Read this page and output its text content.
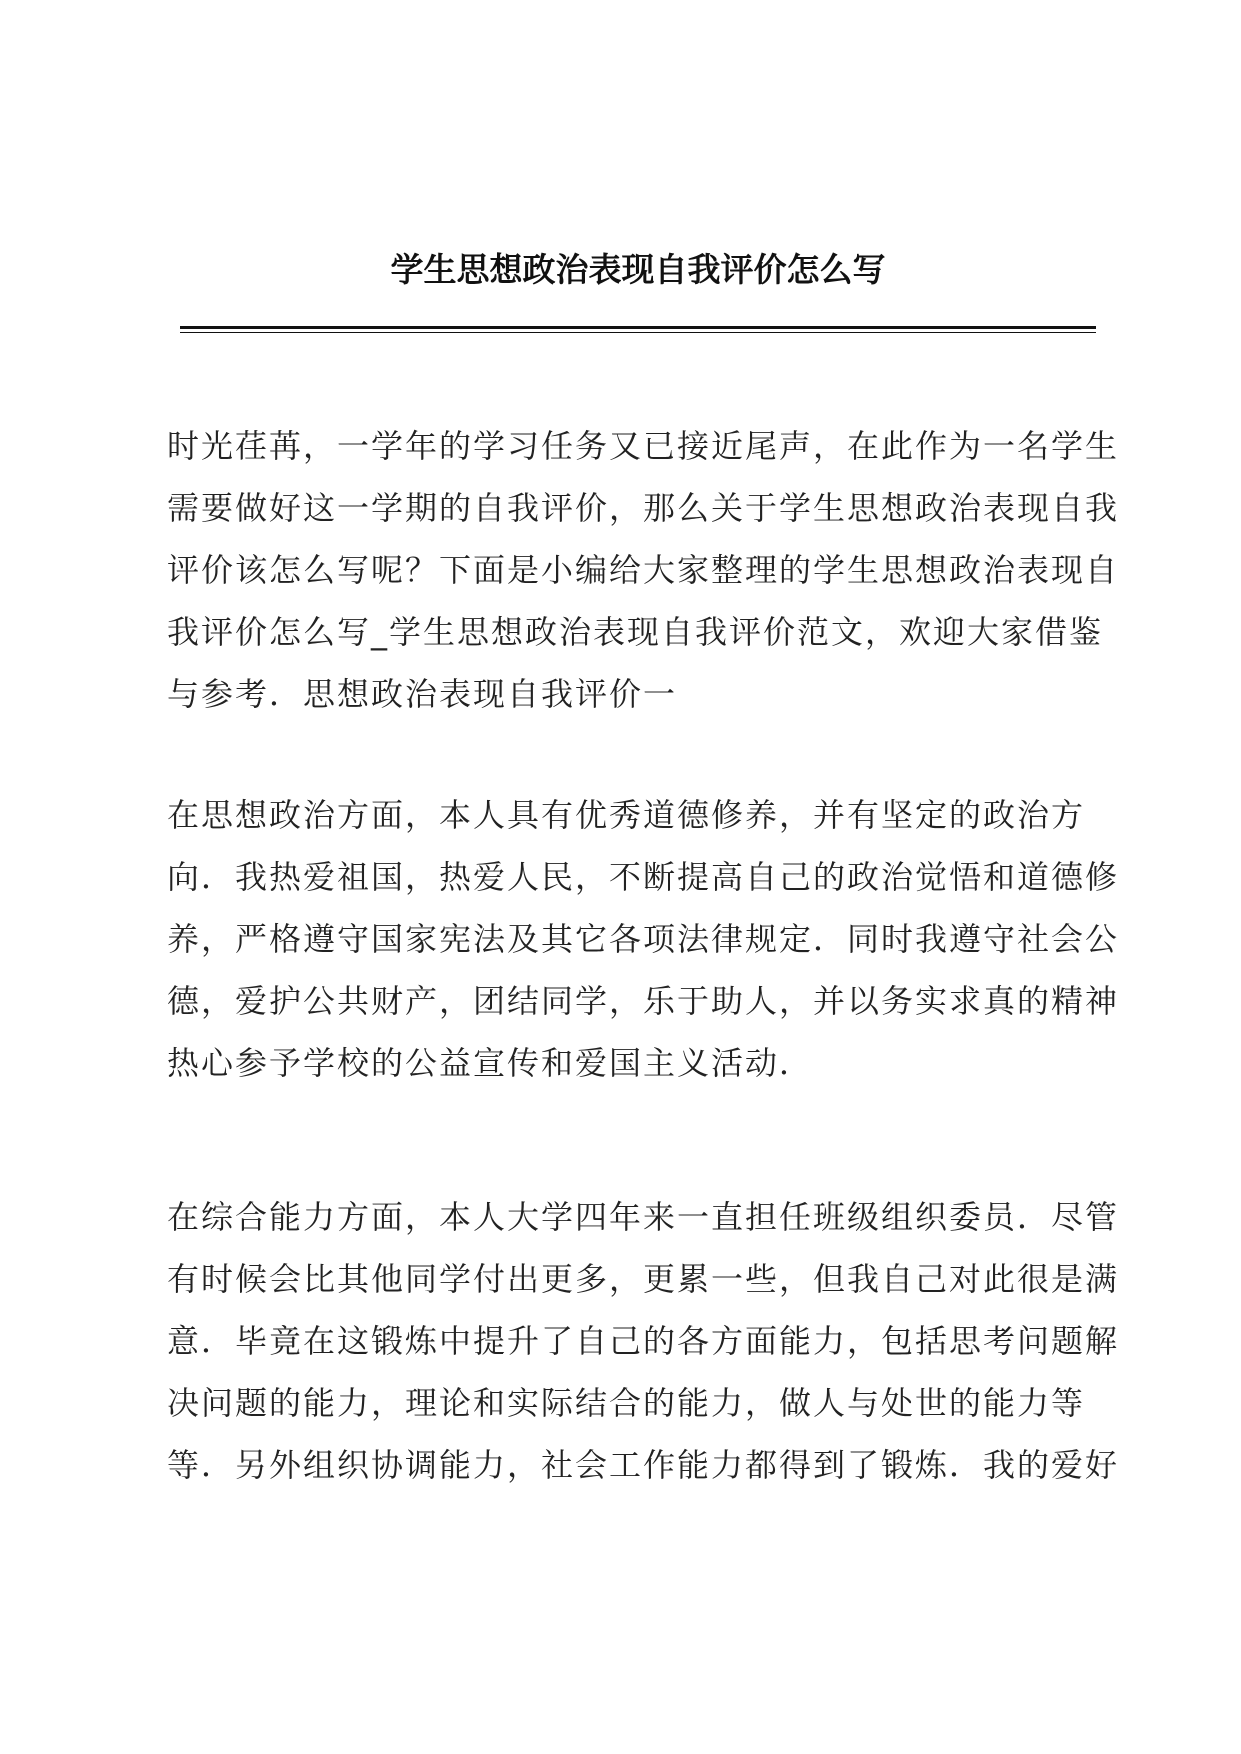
学生思想政治表现自我评价怎么写
时光荏苒，一学年的学习任务又已接近尾声，在此作为一名学生
需要做好这一学期的自我评价，那么关于学生思想政治表现自我
评价该怎么写呢？下面是小编给大家整理的学生思想政治表现自
我评价怎么写_学生思想政治表现自我评价范文，欢迎大家借鉴
与参考．思想政治表现自我评价一
在思想政治方面，本人具有优秀道德修养，并有坚定的政治方
向．我热爱祖国，热爱人民，不断提高自己的政治觉悟和道德修
养，严格遵守国家宪法及其它各项法律规定．同时我遵守社会公
德，爱护公共财产，团结同学，乐于助人，并以务实求真的精神
热心参予学校的公益宣传和爱国主义活动．
在综合能力方面，本人大学四年来一直担任班级组织委员．尽管
有时候会比其他同学付出更多，更累一些，但我自己对此很是满
意．毕竟在这锻炼中提升了自己的各方面能力，包括思考问题解
决问题的能力，理论和实际结合的能力，做人与处世的能力等
等．另外组织协调能力，社会工作能力都得到了锻炼．我的爱好
